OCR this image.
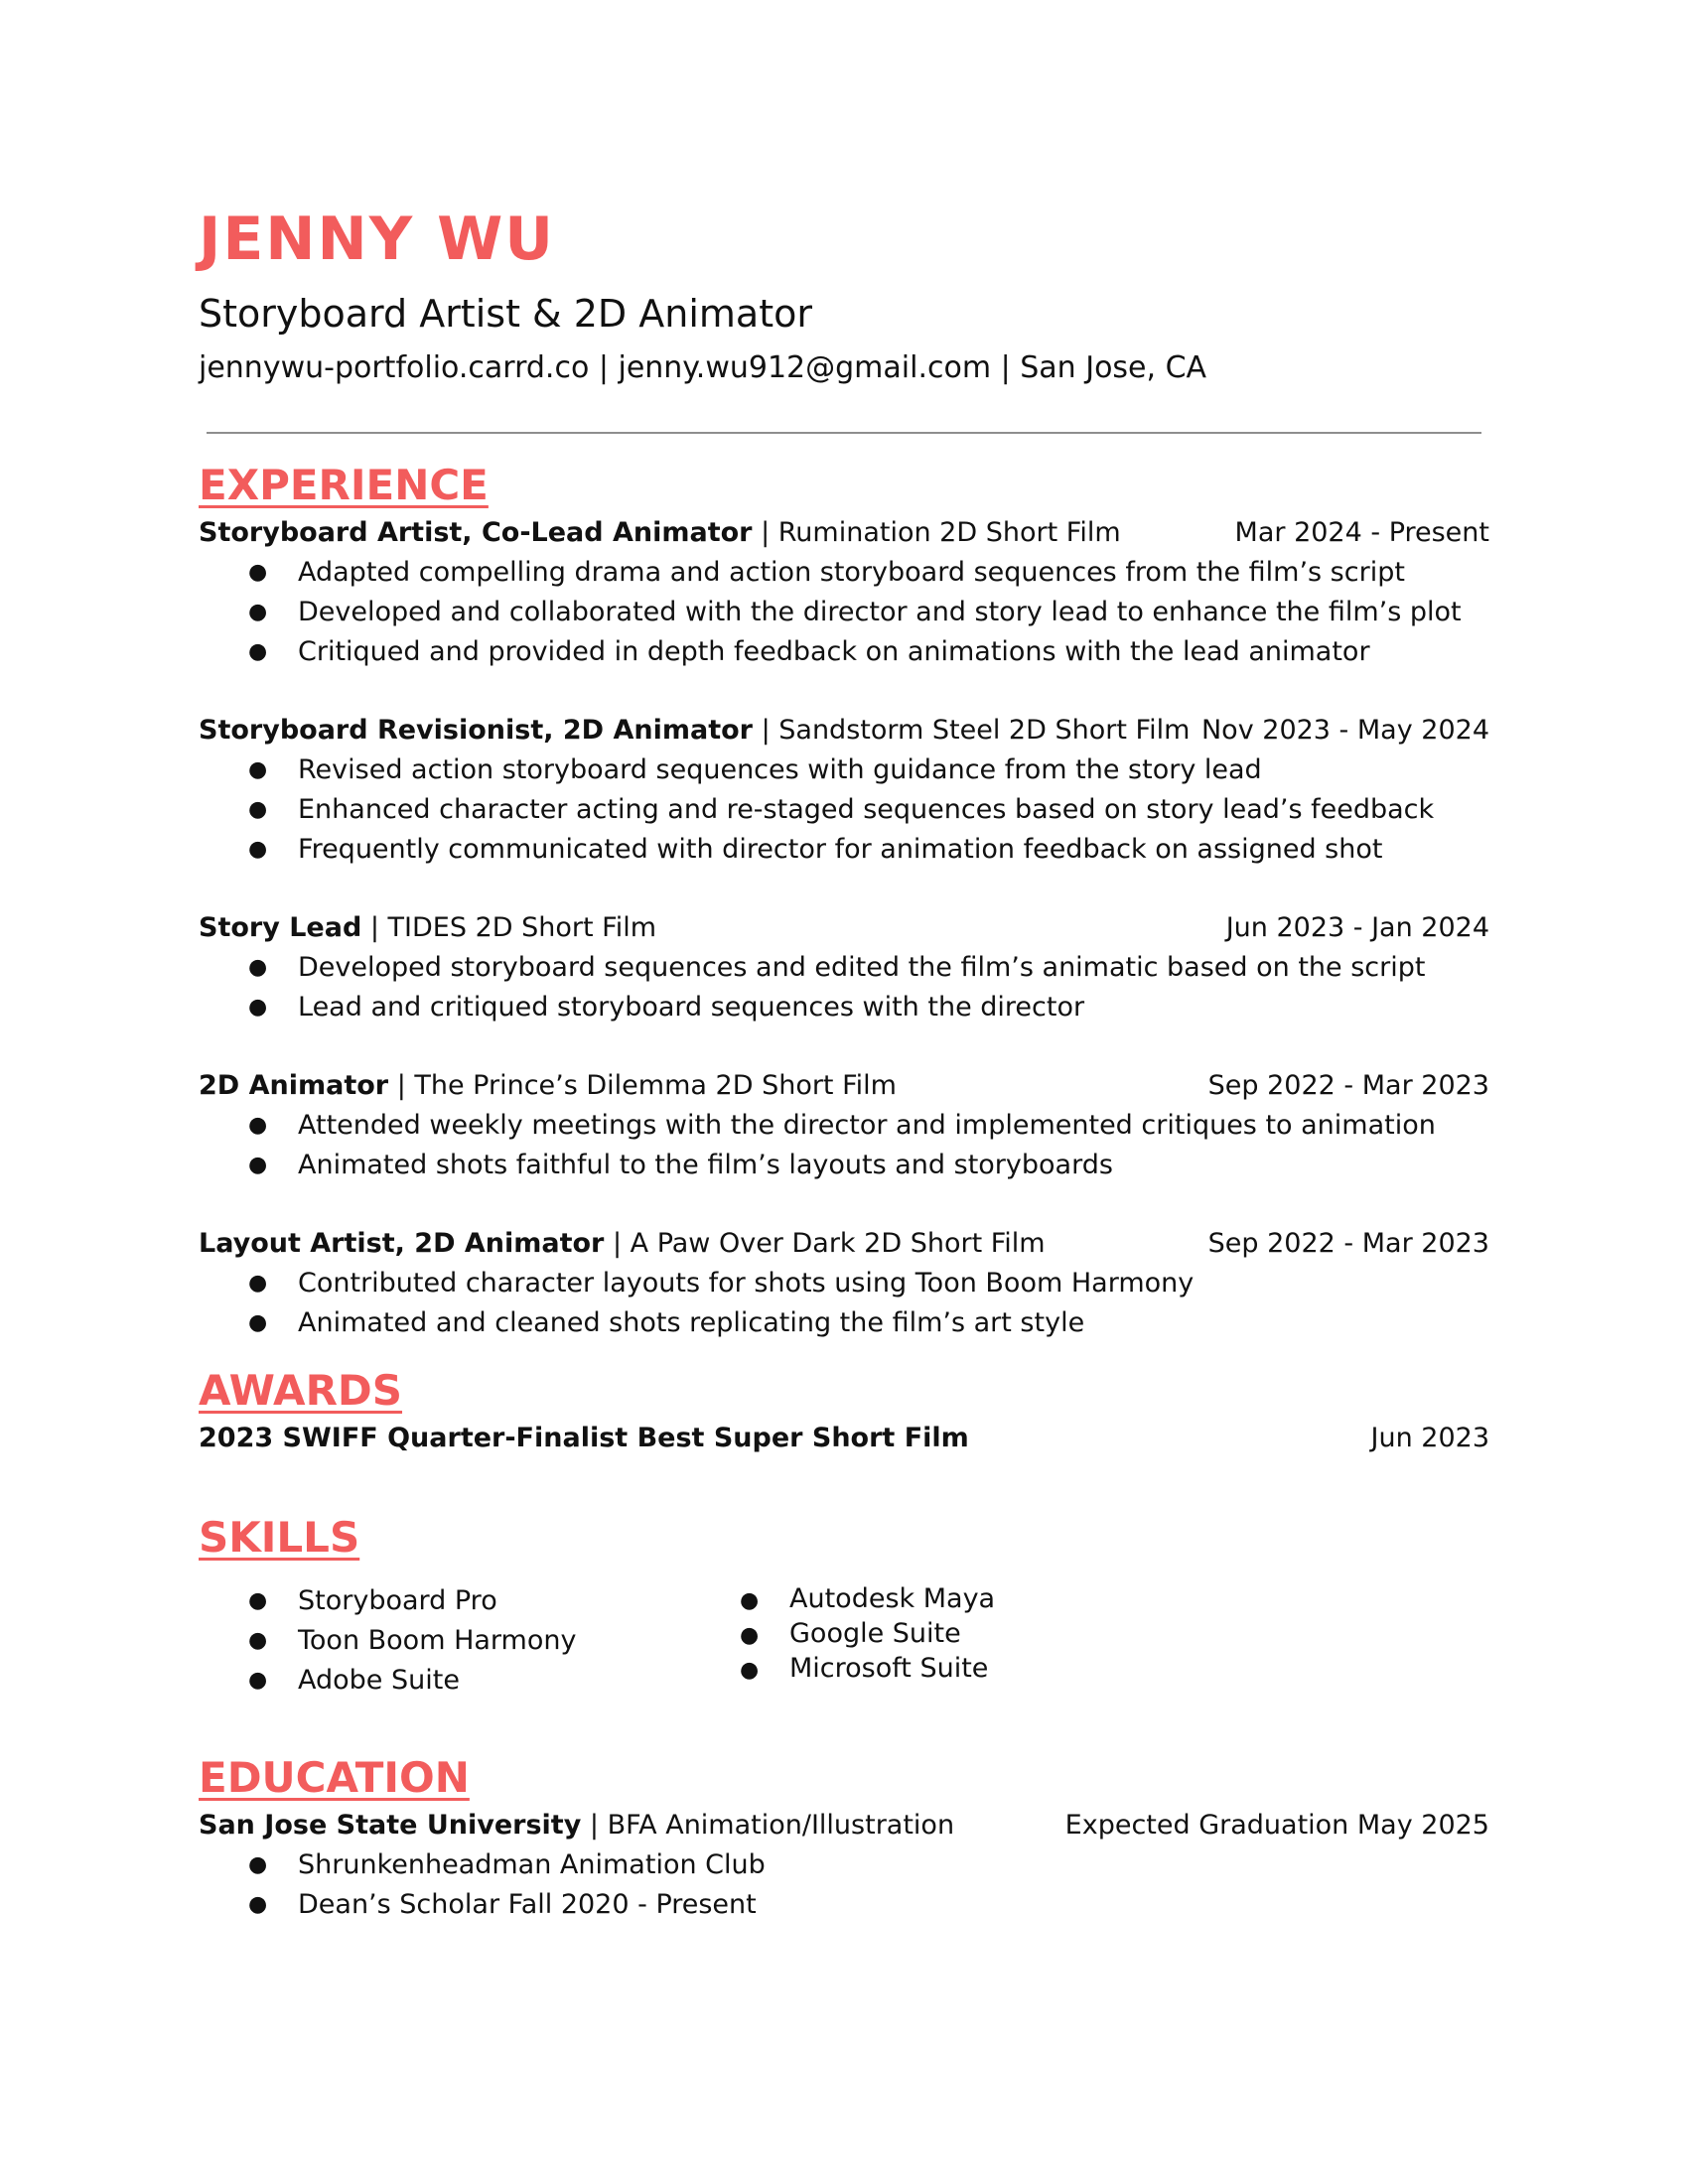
JENNY WU
Storyboard Artist & 2D Animator
jennywu-portfolio.carrd.co | jenny.wu912@gmail.com | San Jose, CA
EXPERIENCE
Storyboard Artist, Co-Lead Animator | Rumination 2D Short Film	Mar 2024 - Present
● Adapted compelling drama and action storyboard sequences from the film’s script
● Developed and collaborated with the director and story lead to enhance the film’s plot
● Critiqued and provided in depth feedback on animations with the lead animator
Storyboard Revisionist, 2D Animator | Sandstorm Steel 2D Short Film Nov 2023 - May 2024
● Revised action storyboard sequences with guidance from the story lead
● Enhanced character acting and re-staged sequences based on story lead’s feedback
● Frequently communicated with director for animation feedback on assigned shot
Story Lead | TIDES 2D Short Film	Jun 2023 - Jan 2024
● Developed storyboard sequences and edited the film’s animatic based on the script
● Lead and critiqued storyboard sequences with the director
2D Animator | The Prince’s Dilemma 2D Short Film	Sep 2022 - Mar 2023
● Attended weekly meetings with the director and implemented critiques to animation
● Animated shots faithful to the film’s layouts and storyboards
Layout Artist, 2D Animator | A Paw Over Dark 2D Short Film	Sep 2022 - Mar 2023
● Contributed character layouts for shots using Toon Boom Harmony
● Animated and cleaned shots replicating the film’s art style
AWARDS
2023 SWIFF Quarter-Finalist Best Super Short Film	Jun 2023
SKILLS
● Storyboard Pro
● Toon Boom Harmony
● Adobe Suite
● Autodesk Maya
● Google Suite
● Microsoft Suite
EDUCATION
San Jose State University | BFA Animation/Illustration	Expected Graduation May 2025
● Shrunkenheadman Animation Club
● Dean’s Scholar Fall 2020 - Present
